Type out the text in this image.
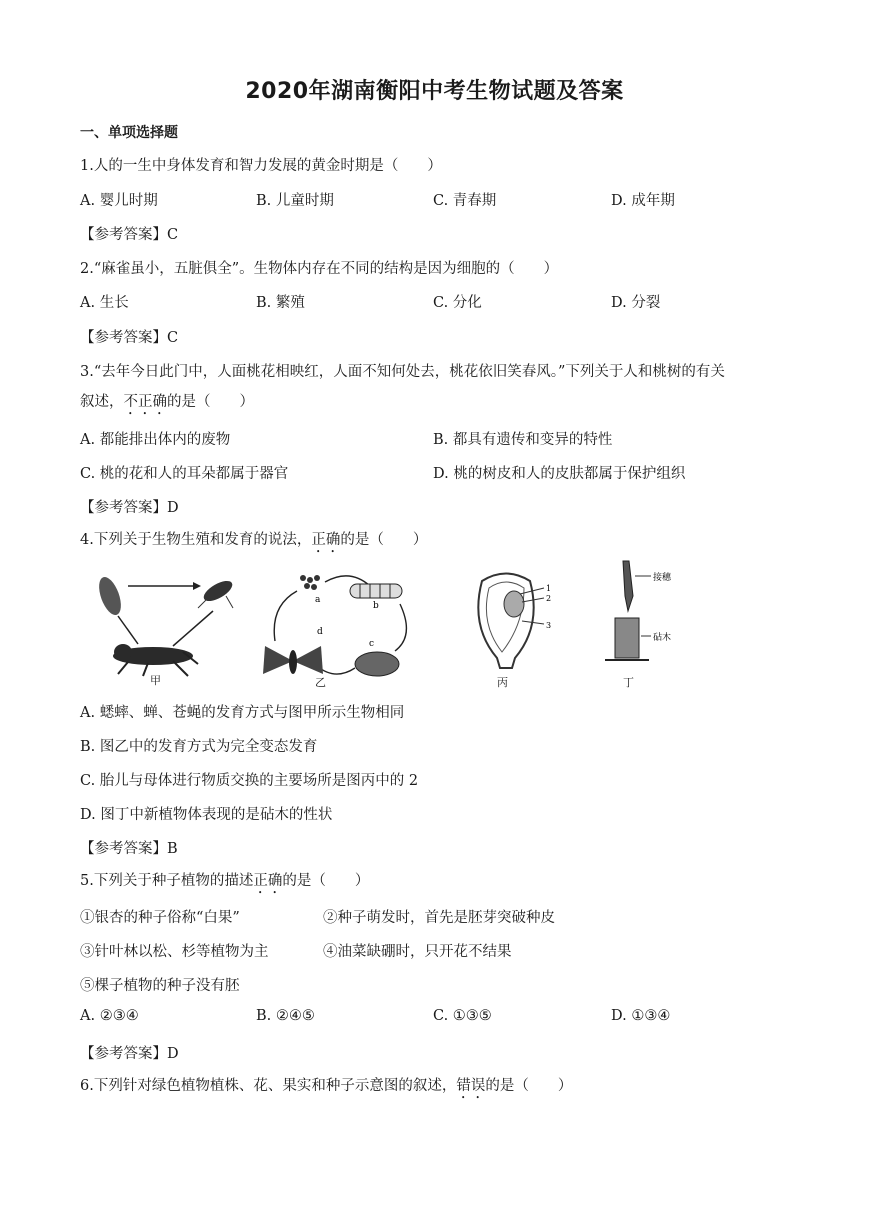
2020年湖南衡阳中考生物试题及答案
一、单项选择题
1.人的一生中身体发育和智力发展的黄金时期是（　　）
A. 婴儿时期	B. 儿童时期	C. 青春期	D. 成年期
【参考答案】C
2.“麻雀虽小，五脏俱全”。生物体内存在不同的结构是因为细胞的（　　）
A. 生长	B. 繁殖	C. 分化	D. 分裂
【参考答案】C
3.“去年今日此门中，人面桃花相映红，人面不知何处去，桃花依旧笑春风。”下列关于人和桃树的有关
叙述，不正确的是（　　）
A. 都能排出体内的废物	B. 都具有遗传和变异的特性
C. 桃的花和人的耳朵都属于器官	D. 桃的树皮和人的皮肤都属于保护组织
【参考答案】D
4.下列关于生物生殖和发育的说法，正确的是（　　）
甲
a
b
c
d
乙
1
2
3
丙
接穗
砧木
丁
A. 蟋蟀、蝉、苍蝇的发育方式与图甲所示生物相同
B. 图乙中的发育方式为完全变态发育
C. 胎儿与母体进行物质交换的主要场所是图丙中的 2
D. 图丁中新植物体表现的是砧木的性状
【参考答案】B
5.下列关于种子植物的描述正确的是（　　）
①银杏的种子俗称“白果”	②种子萌发时，首先是胚芽突破种皮
③针叶林以松、杉等植物为主	④油菜缺硼时，只开花不结果
⑤棵子植物的种子没有胚
A. ②③④	B. ②④⑤	C. ①③⑤	D. ①③④
【参考答案】D
6.下列针对绿色植物植株、花、果实和种子示意图的叙述，错误的是（　　）
